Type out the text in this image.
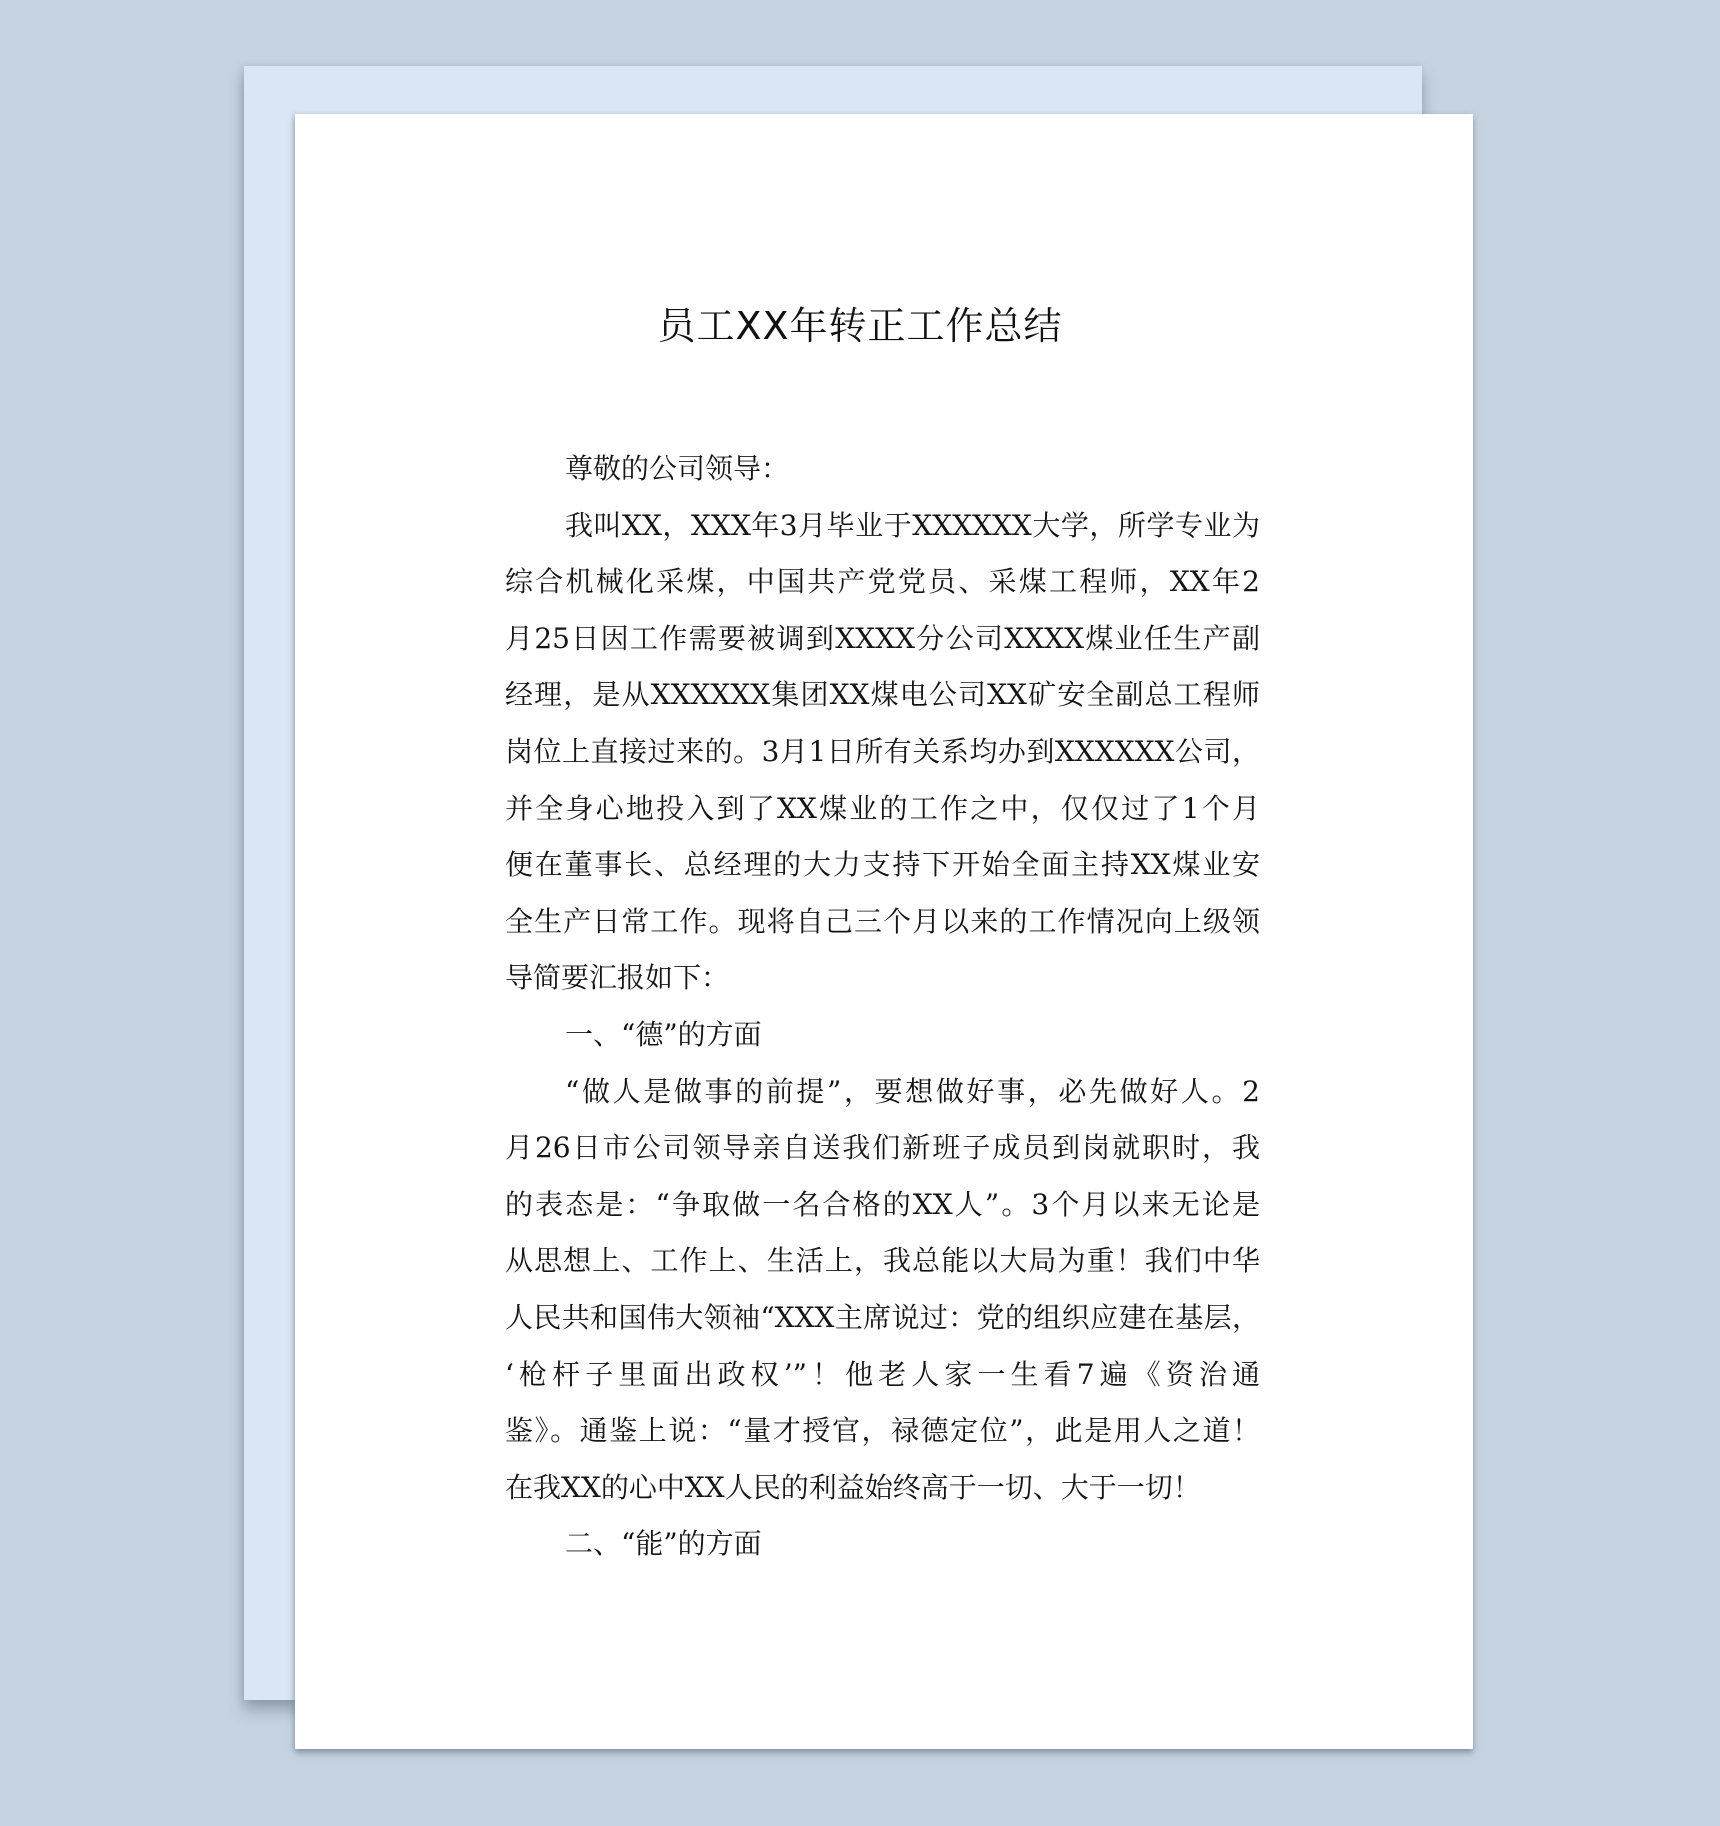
员工XX年转正工作总结
尊敬的公司领导：
我叫XX，XXX年3月毕业于XXXXXX大学，所学专业为
综合机械化采煤，中国共产党党员、采煤工程师，XX年2
月25日因工作需要被调到XXXX分公司XXXX煤业任生产副
经理，是从XXXXXX集团XX煤电公司XX矿安全副总工程师
岗位上直接过来的。3月1日所有关系均办到XXXXXX公司，
并全身心地投入到了XX煤业的工作之中，仅仅过了1个月
便在董事长、总经理的大力支持下开始全面主持XX煤业安
全生产日常工作。现将自己三个月以来的工作情况向上级领
导简要汇报如下：
一、“德”的方面
“做人是做事的前提”，要想做好事，必先做好人。2
月26日市公司领导亲自送我们新班子成员到岗就职时，我
的表态是：“争取做一名合格的XX人”。3个月以来无论是
从思想上、工作上、生活上，我总能以大局为重！我们中华
人民共和国伟大领袖“XXX主席说过：党的组织应建在基层，
‘枪杆子里面出政权’”！他老人家一生看7遍《资治通
鉴》。通鉴上说：“量才授官，禄德定位”，此是用人之道！
在我XX的心中XX人民的利益始终高于一切、大于一切！
二、“能”的方面
